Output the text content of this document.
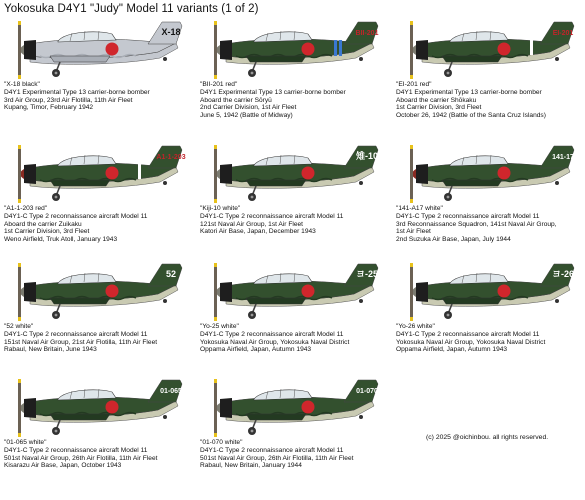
Yokosuka D4Y1 "Judy" Model 11 variants (1 of 2)
X-18
"X-18 black"
D4Y1 Experimental Type 13 carrier-borne bomber
3rd Air Group, 23rd Air Flotilla, 11th Air Fleet
Kupang, Timor, February 1942
BII-201
"BII-201 red"
D4Y1 Experimental Type 13 carrier-borne bomber
Aboard the carrier Sōryū
2nd Carrier Division, 1st Air Fleet
June 5, 1942 (Battle of Midway)
EI-201
"EI-201 red"
D4Y1 Experimental Type 13 carrier-borne bomber
Aboard the carrier Shōkaku
1st Carrier Division, 3rd Fleet
October 26, 1942 (Battle of the Santa Cruz Islands)
A1-1-203
"A1-1-203 red"
D4Y1-C Type 2 reconnaissance aircraft Model 11
Aboard the carrier Zuikaku
1st Carrier Division, 3rd Fleet
Weno Airfield, Truk Atoll, January 1943
雉-10
"Kiji-10 white"
D4Y1-C Type 2 reconnaissance aircraft Model 11
121st Naval Air Group, 1st Air Fleet
Katori Air Base, Japan, December 1943
141-17
"141-A17 white"
D4Y1-C Type 2 reconnaissance aircraft Model 11
3rd Reconnaissance Squadron, 141st Naval Air Group,
1st Air Fleet
2nd Suzuka Air Base, Japan, July 1944
52
"52 white"
D4Y1-C Type 2 reconnaissance aircraft Model 11
151st Naval Air Group, 21st Air Flotilla, 11th Air Fleet
Rabaul, New Britain, June 1943
ヨ-25
"Yo-25 white"
D4Y1-C Type 2 reconnaissance aircraft Model 11
Yokosuka Naval Air Group, Yokosuka Naval District
Oppama Airfield, Japan, Autumn 1943
ヨ-26
"Yo-26 white"
D4Y1-C Type 2 reconnaissance aircraft Model 11
Yokosuka Naval Air Group, Yokosuka Naval District
Oppama Airfield, Japan, Autumn 1943
01-065
"01-065 white"
D4Y1-C Type 2 reconnaissance aircraft Model 11
501st Naval Air Group, 26th Air Flotilla, 11th Air Fleet
Kisarazu Air Base, Japan, October 1943
01-070
"01-070 white"
D4Y1-C Type 2 reconnaissance aircraft Model 11
501st Naval Air Group, 26th Air Flotilla, 11th Air Fleet
Rabaul, New Britain, January 1944
(c) 2025 @oichinbou. all rights reserved.
